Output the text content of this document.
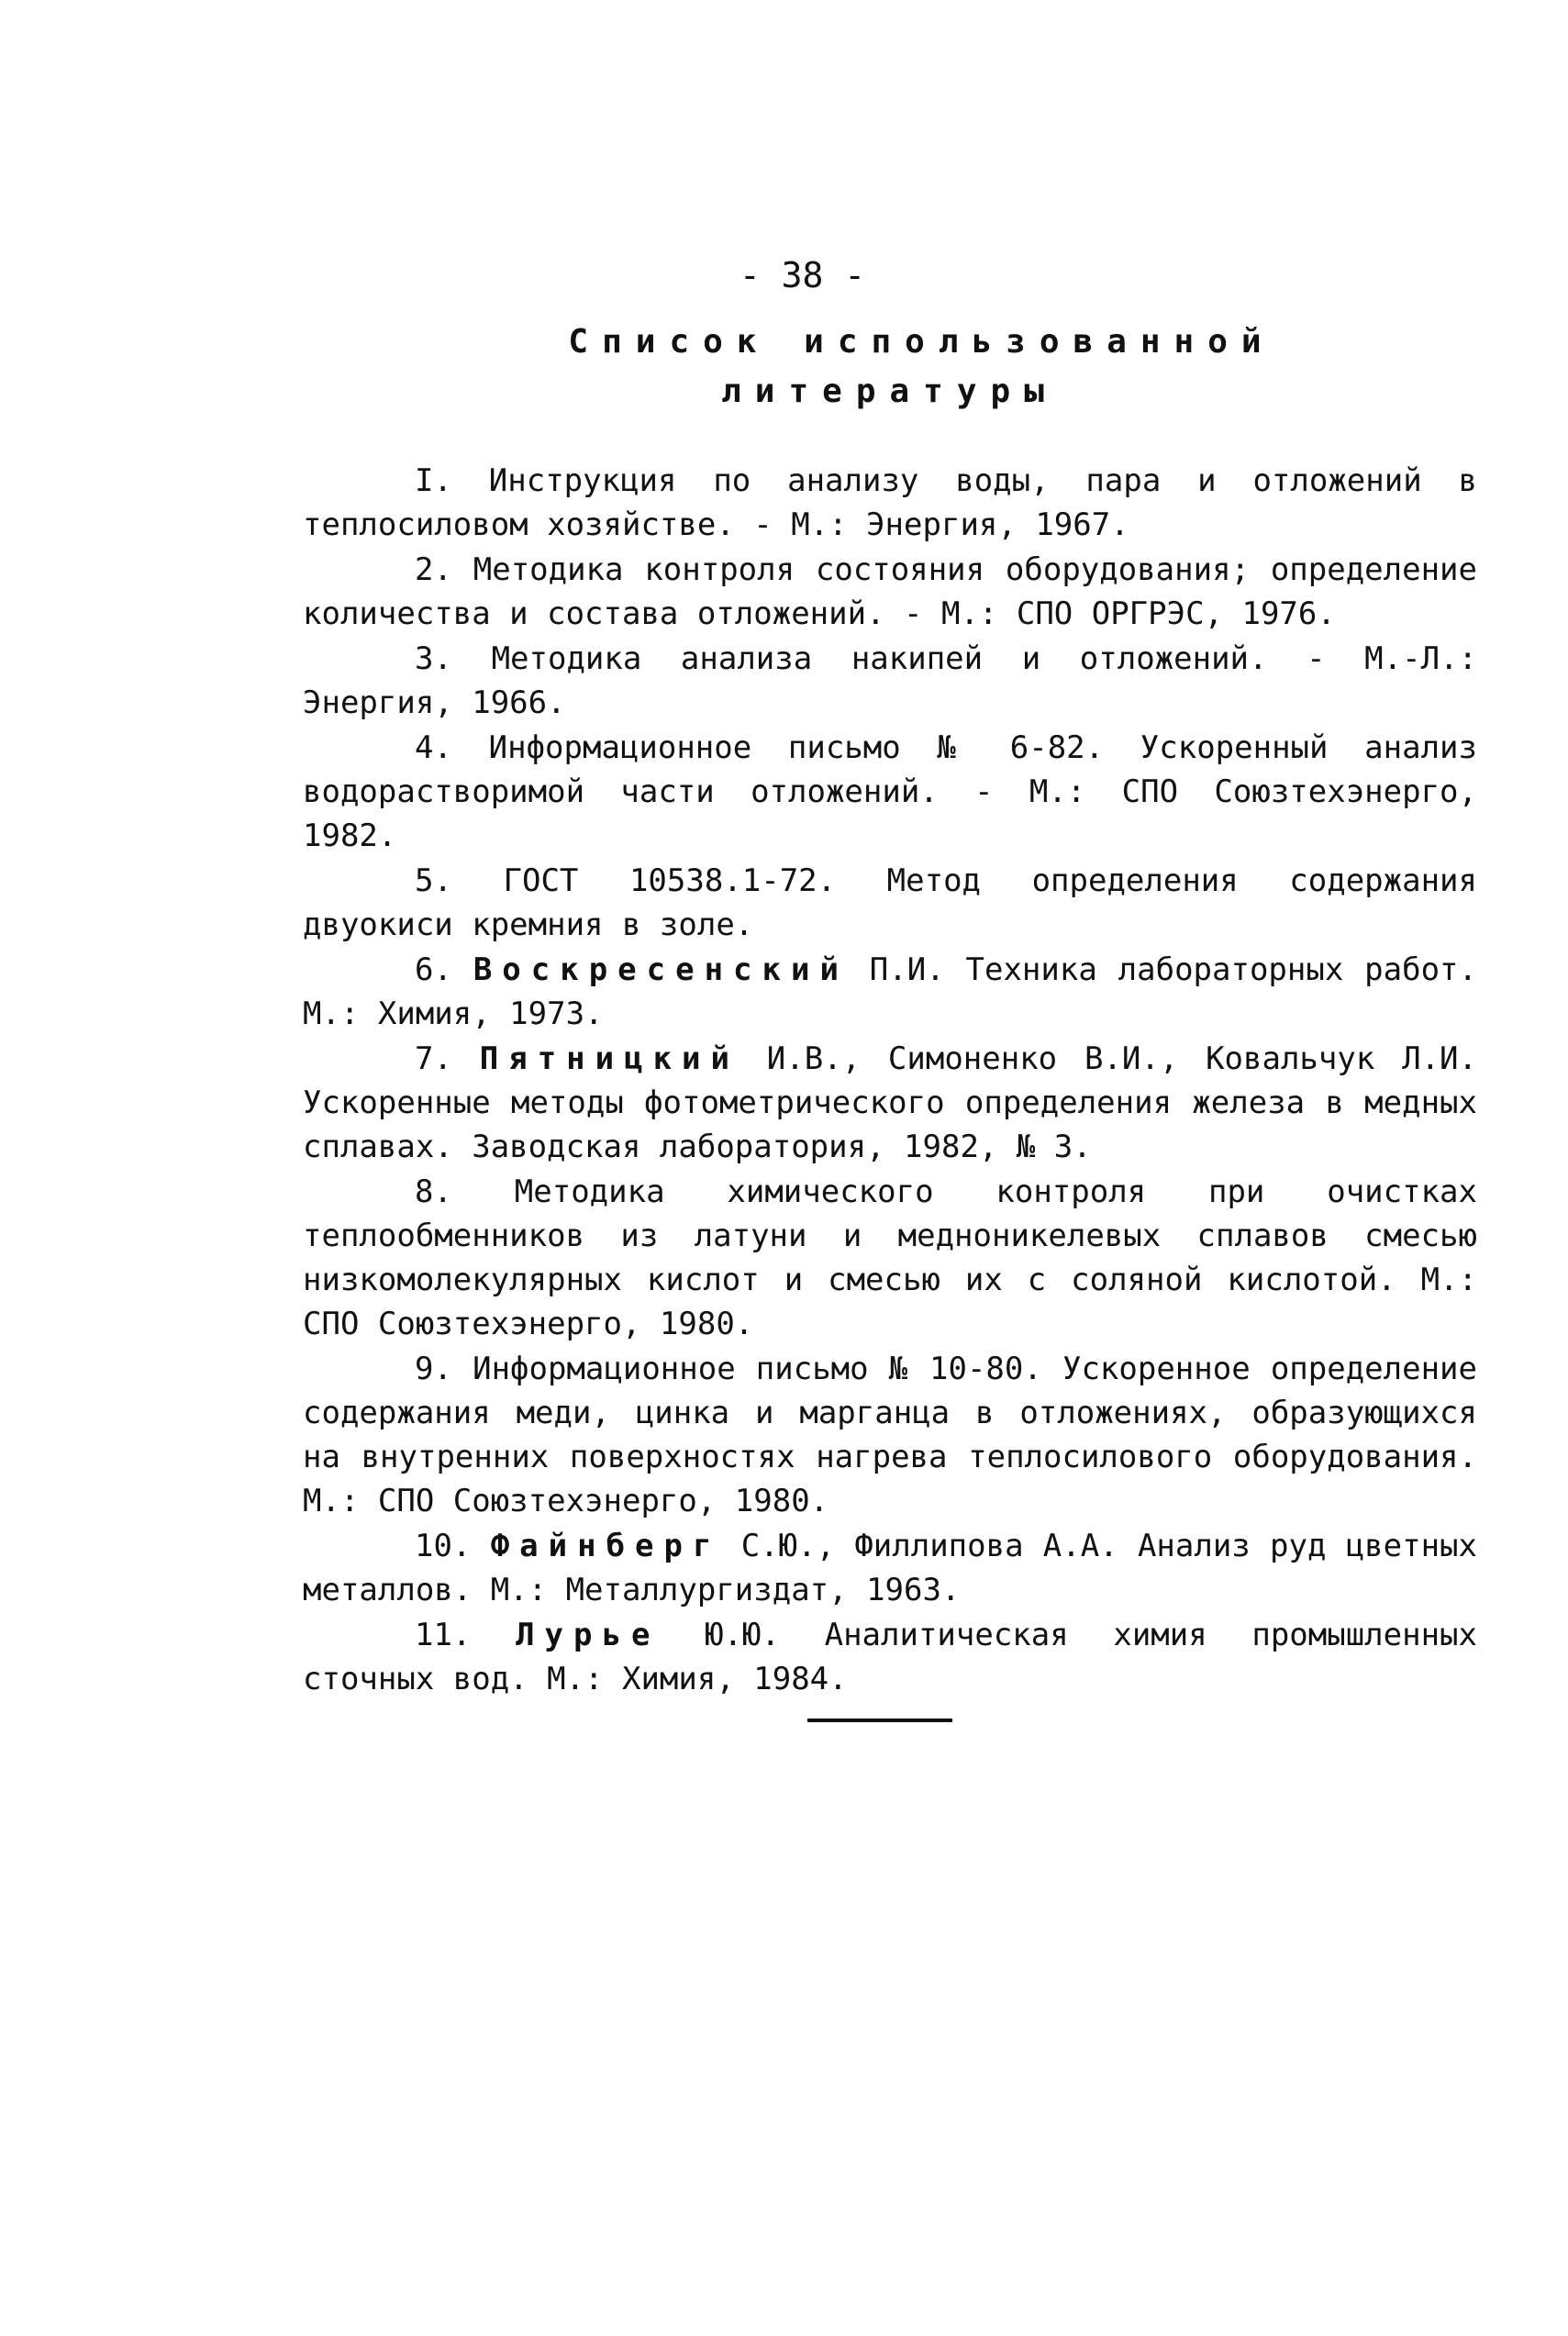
- 38 -
Список использованной
литературы

I. Инструкция по анализу воды, пара и отложений в теплосиловом хозяйстве. - М.: Энергия, 1967.

2. Методика контроля состояния оборудования; определение количества и состава отложений. - М.: СПО ОРГРЭС, 1976.

3. Методика анализа накипей и отложений. - М.-Л.: Энергия, 1966.

4. Информационное письмо № 6-82. Ускоренный анализ водорастворимой части отложений. - М.: СПО Союзтехэнерго, 1982.

5. ГОСТ 10538.1-72. Метод определения содержания двуокиси кремния в золе.

6. Воскресенский П.И. Техника лабораторных работ. М.: Химия, 1973.

7. Пятницкий И.В., Симоненко В.И., Ковальчук Л.И. Ускоренные методы фотометрического определения железа в медных сплавах. Заводская лаборатория, 1982, № 3.

8. Методика химического контроля при очистках теплообменников из латуни и медноникелевых сплавов смесью низкомолекулярных кислот и смесью их с соляной кислотой. М.: СПО Союзтехэнерго, 1980.

9. Информационное письмо № 10-80. Ускоренное определение содержания меди, цинка и марганца в отложениях, образующихся на внутренних поверхностях нагрева теплосилового оборудования. М.: СПО Союзтехэнерго, 1980.

10. Файнберг С.Ю., Филлипова А.А. Анализ руд цветных металлов. М.: Металлургиздат, 1963.

11. Лурье Ю.Ю. Аналитическая химия промышленных сточных вод. М.: Химия, 1984.
